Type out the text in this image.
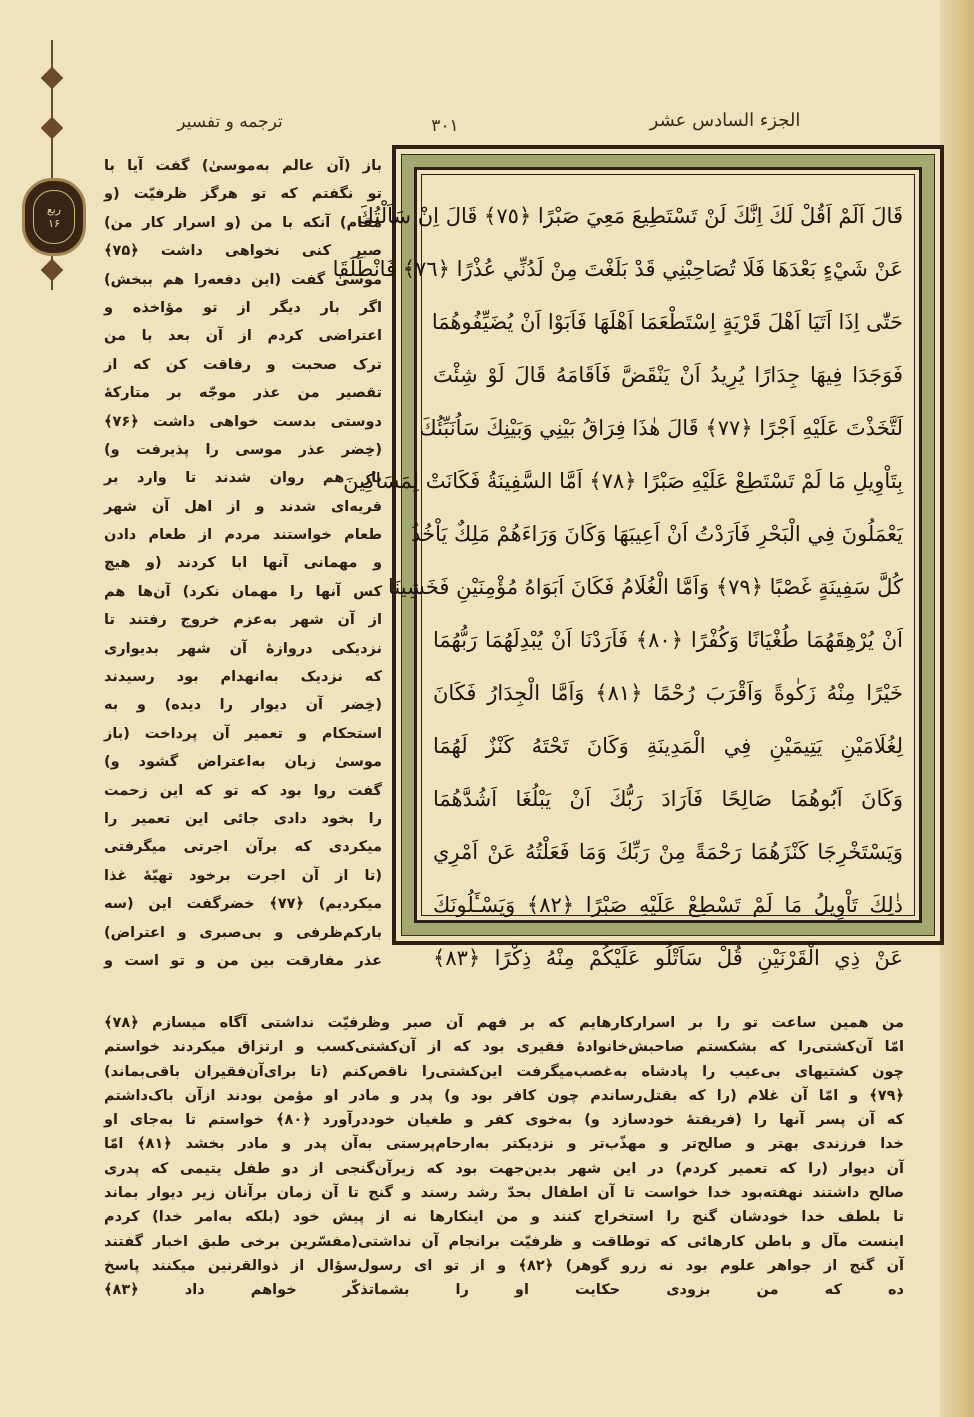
ربع
۱۶
ترجمه و تفسیر	۳۰۱	الجزء السادس عشر
قَالَ اَلَمْ اَقُلْ لَكَ اِنَّكَ لَنْ تَسْتَطِيعَ مَعِيَ صَبْرًا ﴿٧٥﴾ قَالَ اِنْ سَاَلْتُكَ
عَنْ شَيْءٍ بَعْدَهَا فَلَا تُصَاحِبْنِي قَدْ بَلَغْتَ مِنْ لَدُنِّي عُذْرًا ﴿٧٦﴾ فَانْطَلَقَا
حَتّٰى اِذَا اَتَيَا اَهْلَ قَرْيَةٍ اِسْتَطْعَمَا اَهْلَهَا فَاَبَوْا اَنْ يُضَيِّفُوهُمَا
فَوَجَدَا فِيهَا جِدَارًا يُرِيدُ اَنْ يَنْقَضَّ فَاَقَامَهُ قَالَ لَوْ شِئْتَ
لَتَّخَذْتَ عَلَيْهِ اَجْرًا ﴿٧٧﴾ قَالَ هٰذَا فِرَاقُ بَيْنِي وَبَيْنِكَ سَاُنَبِّئُكَ
بِتَاْوِيلِ مَا لَمْ تَسْتَطِعْ عَلَيْهِ صَبْرًا ﴿٧٨﴾ اَمَّا السَّفِينَةُ فَكَانَتْ لِمَسَاكِينَ
يَعْمَلُونَ فِي الْبَحْرِ فَاَرَدْتُ اَنْ اَعِيبَهَا وَكَانَ وَرَاءَهُمْ مَلِكٌ يَاْخُذُ
كُلَّ سَفِينَةٍ غَصْبًا ﴿٧٩﴾ وَاَمَّا الْغُلَامُ فَكَانَ اَبَوَاهُ مُؤْمِنَيْنِ فَخَشِينَا
اَنْ يُرْهِقَهُمَا طُغْيَانًا وَكُفْرًا ﴿٨٠﴾ فَاَرَدْنَا اَنْ يُبْدِلَهُمَا رَبُّهُمَا
خَيْرًا مِنْهُ زَكٰوةً وَاَقْرَبَ رُحْمًا ﴿٨١﴾ وَاَمَّا الْجِدَارُ فَكَانَ
لِغُلَامَيْنِ يَتِيمَيْنِ فِي الْمَدِينَةِ وَكَانَ تَحْتَهُ كَنْزٌ لَهُمَا
وَكَانَ اَبُوهُمَا صَالِحًا فَاَرَادَ رَبُّكَ اَنْ يَبْلُغَا اَشُدَّهُمَا
وَيَسْتَخْرِجَا كَنْزَهُمَا رَحْمَةً مِنْ رَبِّكَ وَمَا فَعَلْتُهُ عَنْ اَمْرِي
ذٰلِكَ تَاْوِيلُ مَا لَمْ تَسْطِعْ عَلَيْهِ صَبْرًا ﴿٨٢﴾ وَيَسْـَٔلُونَكَ
عَنْ ذِي الْقَرْنَيْنِ قُلْ سَاَتْلُو عَلَيْكُمْ مِنْهُ ذِكْرًا ﴿٨٣﴾
باز (آن عالم به‌موسیٰ) گفت آیا با
تو نگفتم که تو هرگز ظرفیّت (و
مقام) آنکه با من (و اسرار کار من)
صبر کنی نخواهی داشت ﴿۷۵﴾
موسیٰ گفت (این دفعه‌را هم ببخش)
اگر بار دیگر از تو مؤاخذه و
اعتراضی کردم از آن بعد با من
ترک صحبت و رفاقت کن که از
تقصیر من عذر موجّه بر متارکهٔ
دوستی بدست خواهی داشت ﴿۷۶﴾
(خِضر عذر موسی را پذیرفت و)
باز هم روان شدند تا وارد بر
قریه‌ای شدند و از اهل آن شهر
طعام خواستند مردم از طعام دادن
و مهمانی آنها ابا کردند (و هیچ
کس آنها را مهمان نکرد) آن‌ها هم
از آن شهر به‌عزم خروج رفتند تا
نزدیکی دروازهٔ آن شهر بدیواری
که نزدیک به‌انهدام بود رسیدند
(خِضر آن دیوار را دیده) و به
استحکام و تعمیر آن پرداخت (باز
موسیٰ زبان به‌اعتراض گشود و)
گفت روا بود که تو که این زحمت
را بخود دادی جائی این تعمیر را
میکردی که برآن اجرتی میگرفتی
(تا از آن اجرت برخود تهیّهٔ غذا
میکردیم) ﴿۷۷﴾ خضرگفت این (سه
بارکم‌ظرفی و بی‌صبری و اعتراض)
عذر مفارقت بین من و تو است و
من همین ساعت تو را بر اسرارکارهایم که بر فهم آن صبر وظرفیّت نداشتی آگاه میسازم ﴿۷۸﴾
امّا آن‌کشتی‌را که بشکستم صاحبش‌خانوادهٔ فقیری بود که از آن‌کشتی‌کسب و ارتزاق میکردند خواستم
چون کشتیهای بی‌عیب را پادشاه به‌غصب‌میگرفت این‌کشتی‌را ناقص‌کنم (تا برای‌آن‌فقیران باقی‌بماند)
﴿۷۹﴾ و امّا آن غلام (را که بقتل‌رساندم چون کافر بود و) پدر و مادر او مؤمن بودند ازآن باک‌داشتم
که آن پسر آنها را (فریفتهٔ خود‌سازد و) به‌خوی کفر و طغیان خوددرآورد ﴿۸۰﴾ خواستم تا به‌جای او
خدا فرزندی بهتر و صالح‌تر و مهذّب‌تر و نزدیکتر به‌ارحام‌پرستی به‌آن پدر و مادر بخشد ﴿۸۱﴾ امّا
آن دیوار (را که تعمیر کردم) در این شهر بدین‌جهت بود که زیرآن‌گنجی از دو طفل یتیمی که پدری
صالح داشتند نهفته‌بود خدا خواست تا آن اطفال بحدّ رشد رسند و گنج تا آن زمان برآنان زیر دیوار بماند
تا بلطف خدا خودشان گنج را استخراج کنند و من اینکارها نه از پیش خود (بلکه به‌امر خدا) کردم
اینست مآل و باطن کارهائی که توطاقت و ظرفیّت برانجام آن نداشتی(مفسّرین برخی طبق اخبار گفتند
آن گنج از جواهر علوم بود نه زرو گوهر) ﴿۸۲﴾ و از تو ای رسول‌سؤال از ذوالقرنین میکنند پاسخ
ده که من بزودی حکایت او را بشماتذکّر خواهم داد ﴿۸۳﴾
